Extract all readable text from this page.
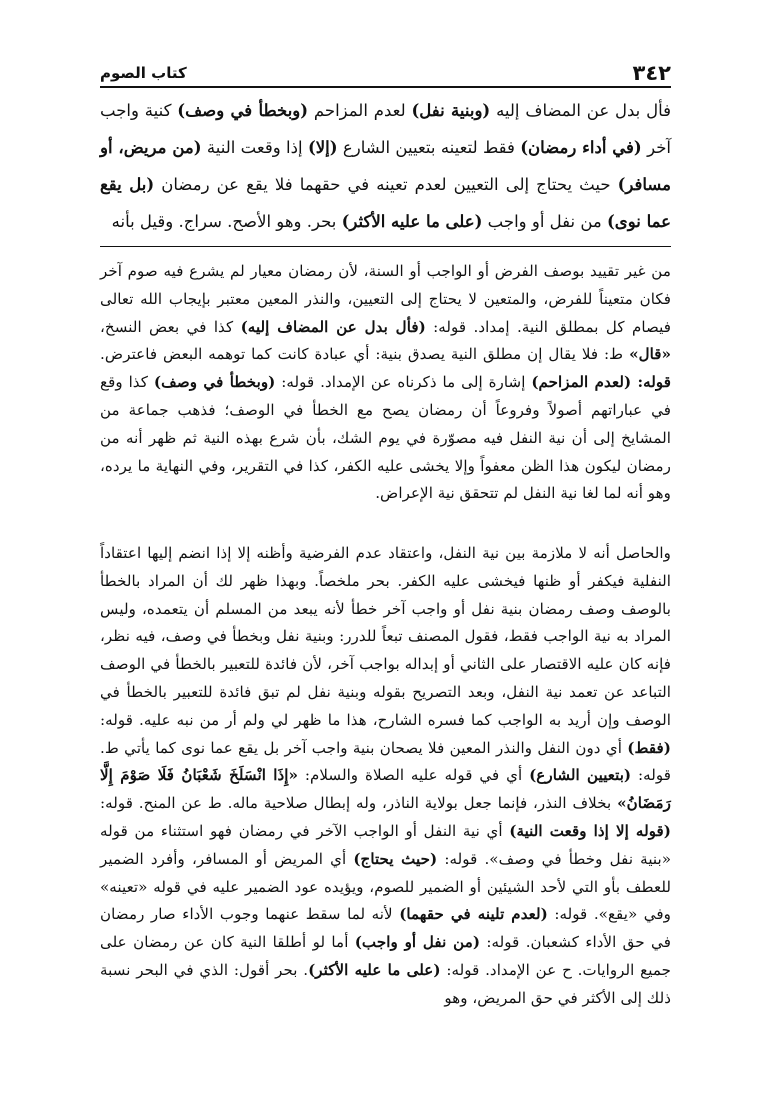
٣٤٢
كتاب الصوم

فأل بدل عن المضاف إليه (وبنية نفل) لعدم المزاحم (وبخطأ في وصف) كنية واجب آخر (في أداء رمضان) فقط لتعينه بتعيين الشارع (إلا) إذا وقعت النية (من مريض، أو مسافر) حيث يحتاج إلى التعيين لعدم تعينه في حقهما فلا يقع عن رمضان (بل يقع عما نوى) من نفل أو واجب (على ما عليه الأكثر) بحر. وهو الأصح. سراج. وقيل بأنه

من غير تقييد بوصف الفرض أو الواجب أو السنة، لأن رمضان معيار لم يشرع فيه صوم آخر فكان متعيناً للفرض، والمتعين لا يحتاج إلى التعيين، والنذر المعين معتبر بإيجاب الله تعالى فيصام كل بمطلق النية. إمداد. قوله: (فأل بدل عن المضاف إليه) كذا في بعض النسخ، «قال» ط: فلا يقال إن مطلق النية يصدق بنية: أي عبادة كانت كما توهمه البعض فاعترض. قوله: (لعدم المزاحم) إشارة إلى ما ذكرناه عن الإمداد. قوله: (وبخطأ في وصف) كذا وقع في عباراتهم أصولاً وفروعاً أن رمضان يصح مع الخطأ في الوصف؛ فذهب جماعة من المشايخ إلى أن نية النفل فيه مصوّرة في يوم الشك، بأن شرع بهذه النية ثم ظهر أنه من رمضان ليكون هذا الظن معفواً وإلا يخشى عليه الكفر، كذا في التقرير، وفي النهاية ما يرده، وهو أنه لما لغا نية النفل لم تتحقق نية الإعراض.

والحاصل أنه لا ملازمة بين نية النفل، واعتقاد عدم الفرضية وأظنه إلا إذا انضم إليها اعتقاداً النفلية فيكفر أو ظنها فيخشى عليه الكفر. بحر ملخصاً. وبهذا ظهر لك أن المراد بالخطأ بالوصف وصف رمضان بنية نفل أو واجب آخر خطأ لأنه يبعد من المسلم أن يتعمده، وليس المراد به نية الواجب فقط، فقول المصنف تبعاً للدرر: وبنية نفل وبخطأ في وصف، فيه نظر، فإنه كان عليه الاقتصار على الثاني أو إبداله بواجب آخر، لأن فائدة للتعبير بالخطأ في الوصف التباعد عن تعمد نية النفل، وبعد التصريح بقوله وبنية نفل لم تبق فائدة للتعبير بالخطأ في الوصف وإن أريد به الواجب كما فسره الشارح، هذا ما ظهر لي ولم أر من نبه عليه. قوله: (فقط) أي دون النفل والنذر المعين فلا يصحان بنية واجب آخر بل يقع عما نوى كما يأتي ط. قوله: (بتعيين الشارع) أي في قوله عليه الصلاة والسلام: «إِذَا انْسَلَخَ شَعْبَانُ فَلَا صَوْمَ إِلَّا رَمَضَانُ» بخلاف النذر، فإنما جعل بولاية الناذر، وله إبطال صلاحية ماله. ط عن المنح. قوله: (قوله إلا إذا وقعت النية) أي نية النفل أو الواجب الآخر في رمضان فهو استثناء من قوله «بنية نفل وخطأ في وصف». قوله: (حيث يحتاج) أي المريض أو المسافر، وأفرد الضمير للعطف بأو التي لأحد الشيئين أو الضمير للصوم، ويؤيده عود الضمير عليه في قوله «تعينه» وفي «يقع». قوله: (لعدم تلينه في حقهما) لأنه لما سقط عنهما وجوب الأداء صار رمضان في حق الأداء كشعبان. قوله: (من نفل أو واجب) أما لو أطلقا النية كان عن رمضان على جميع الروايات. ح عن الإمداد. قوله: (على ما عليه الأكثر). بحر أقول: الذي في البحر نسبة ذلك إلى الأكثر في حق المريض، وهو
